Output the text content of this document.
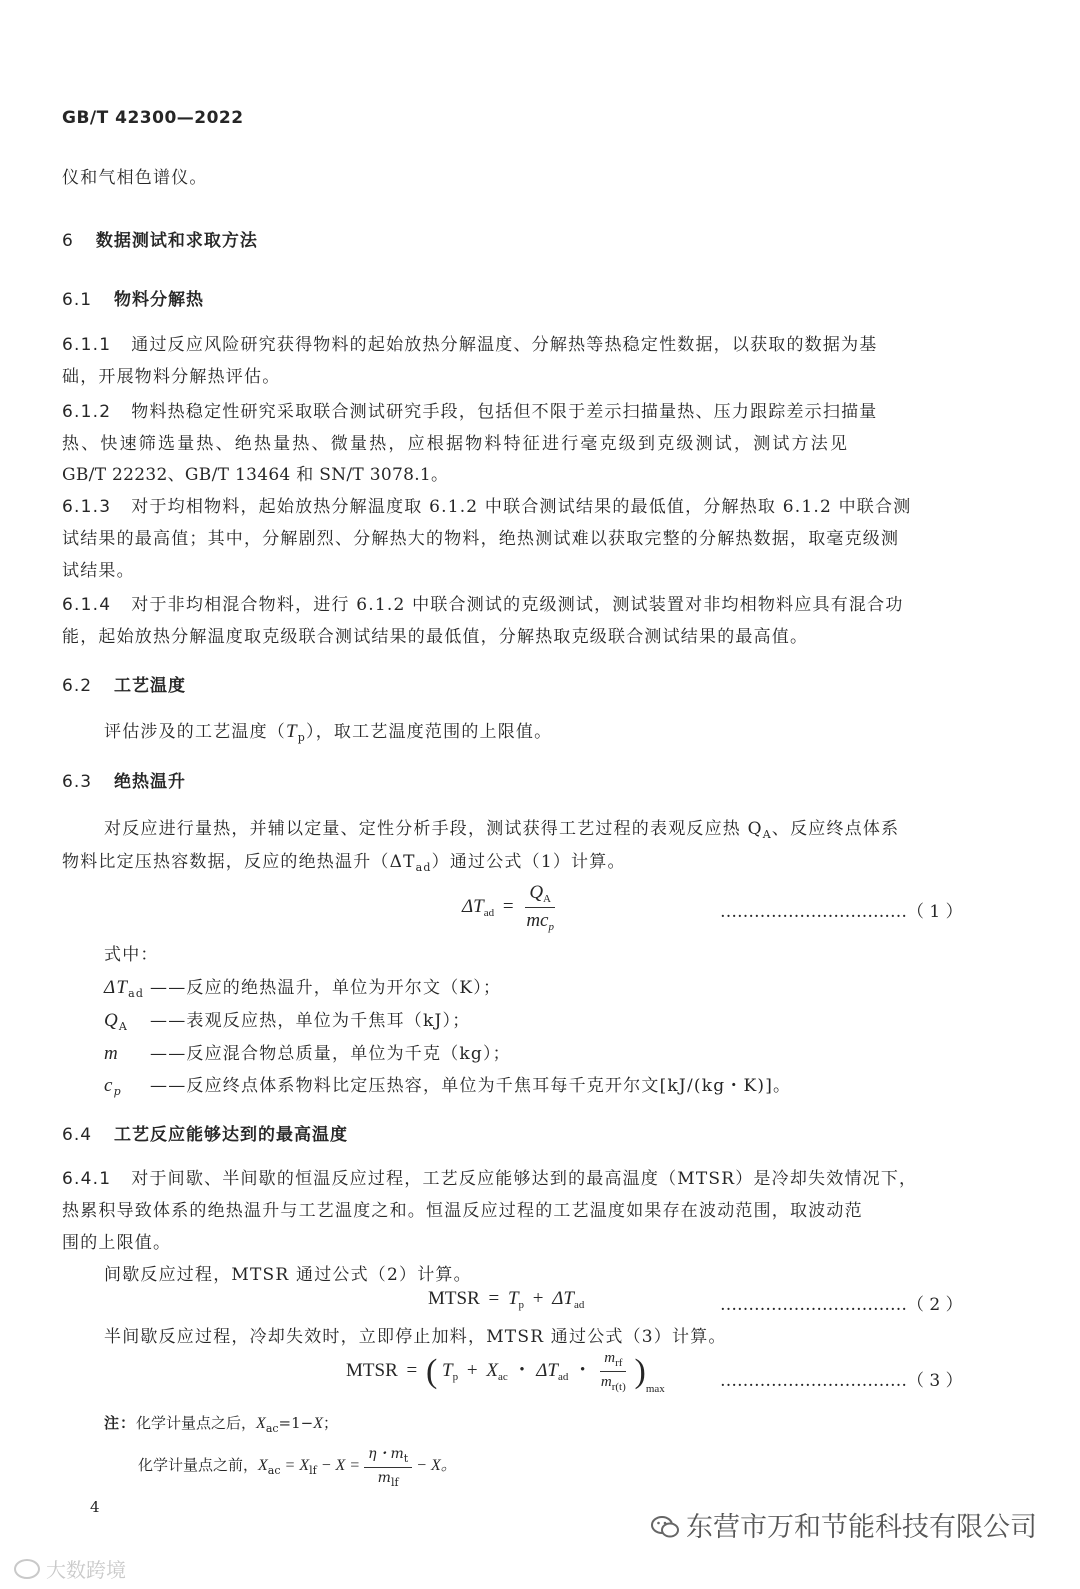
GB/T 42300—2022
仪和气相色谱仪。
6 数据测试和求取方法
6.1 物料分解热
6.1.1 通过反应风险研究获得物料的起始放热分解温度、分解热等热稳定性数据，以获取的数据为基
础，开展物料分解热评估。
6.1.2 物料热稳定性研究采取联合测试研究手段，包括但不限于差示扫描量热、压力跟踪差示扫描量
热、快速筛选量热、绝热量热、微量热，应根据物料特征进行毫克级到克级测试，测试方法见
GB/T 22232、GB/T 13464 和 SN/T 3078.1。
6.1.3 对于均相物料，起始放热分解温度取 6.1.2 中联合测试结果的最低值，分解热取 6.1.2 中联合测
试结果的最高值；其中，分解剧烈、分解热大的物料，绝热测试难以获取完整的分解热数据，取毫克级测
试结果。
6.1.4 对于非均相混合物料，进行 6.1.2 中联合测试的克级测试，测试装置对非均相物料应具有混合功
能，起始放热分解温度取克级联合测试结果的最低值，分解热取克级联合测试结果的最高值。
6.2 工艺温度
评估涉及的工艺温度$(T_p)$，取工艺温度范围的上限值。
6.3 绝热温升
对反应进行量热，并辅以定量、定性分析手段，测试获得工艺过程的表观反应热 $Q_A$、反应终点体系
物料比定压热容数据，反应的绝热温升$(\Delta T_{ad})$通过公式（1）计算。
$\Delta T_{ad} = \frac{Q_A}{mc_p}$	……………………………（ 1 ）
式中：
$\Delta T_{ad}$ ——反应的绝热温升，单位为开尔文（K）；
$Q_A$ ——表观反应热，单位为千焦耳（kJ）；
m ——反应混合物总质量，单位为千克（kg）；
$c_p$ ——反应终点体系物料比定压热容，单位为千焦耳每千克开尔文[kJ/(kg・K)]。
6.4 工艺反应能够达到的最高温度
6.4.1 对于间歇、半间歇的恒温反应过程，工艺反应能够达到的最高温度（MTSR）是冷却失效情况下，
热累积导致体系的绝热温升与工艺温度之和。恒温反应过程的工艺温度如果存在波动范围，取波动范
围的上限值。
间歇反应过程，MTSR 通过公式（2）计算。
MTSR = $T_p + \Delta T_{ad}$	……………………………（ 2 ）
半间歇反应过程，冷却失效时，立即停止加料，MTSR 通过公式（3）计算。
MTSR = ( $T_p + X_{ac}$ ・ $\Delta T_{ad}$ ・ $\frac{m_{rf}}{m_{r(t)}} )_{max}$	……………………………（ 3 ）
注：化学计量点之后，$X_{ac}=1-X$；
化学计量点之前，$X_{ac} = X_{lf} - X = \frac{\eta・m_t}{m_{lf}} - X$。
4
大数跨境
东营市万和节能科技有限公司
